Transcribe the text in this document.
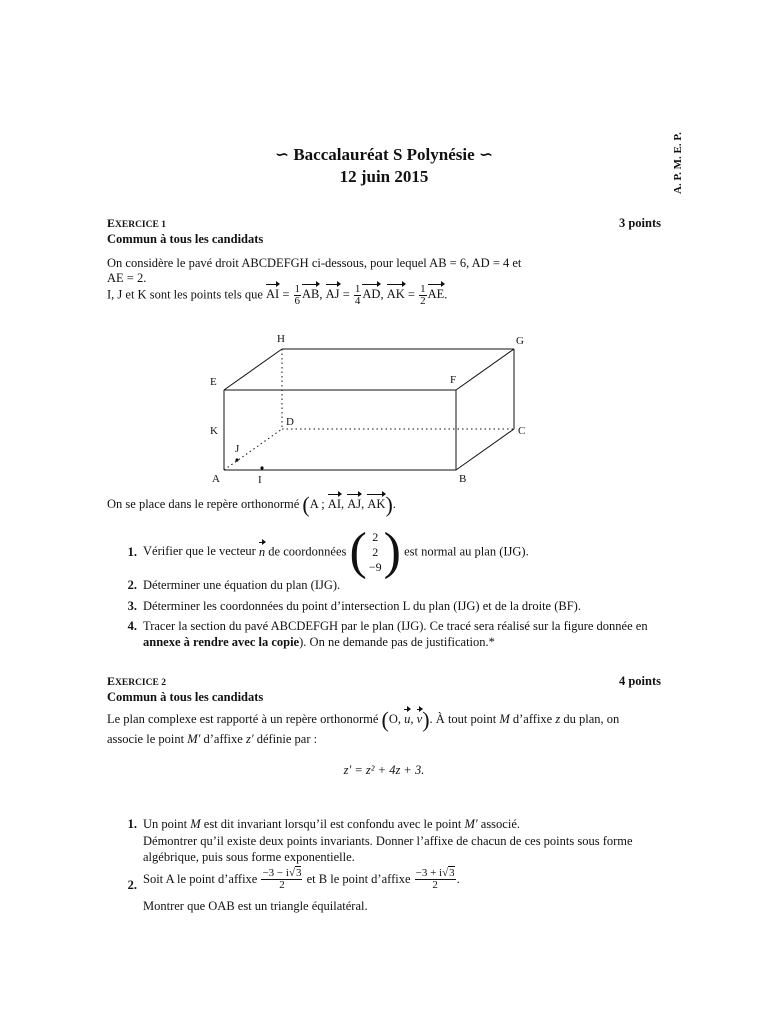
A. P. M. E. P.
∽ Baccalauréat S Polynésie ∽
12 juin 2015
EXERCICE 1	3 points
Commun à tous les candidats
On considère le pavé droit ABCDEFGH ci-dessous, pour lequel AB = 6, AD = 4 et
AE = 2.
I, J et K sont les points tels que AI = $\frac{1}{6}$ AB, AJ = $\frac{1}{4}$ AD, AK = $\frac{1}{2}$ AE.
H	G
E	F
D
C
K
J
A	I	B
On se place dans le repère orthonormé (A ; AI, AJ, AK).
1. Vérifier que le vecteur n de coordonnées ( 2
2
−9 ) est normal au plan (IJG).
2. Déterminer une équation du plan (IJG).
3. Déterminer les coordonnées du point d’intersection L du plan (IJG) et de la droite (BF).
4. Tracer la section du pavé ABCDEFGH par le plan (IJG). Ce tracé sera réalisé sur la figure donnée en
annexe à rendre avec la copie). On ne demande pas de justification.*
EXERCICE 2	4 points
Commun à tous les candidats
Le plan complexe est rapporté à un repère orthonormé (O, u, v). À tout point M d’affixe z du plan, on
associe le point M′ d’affixe z′ définie par :
z′ = z² + 4z + 3.
1. Un point M est dit invariant lorsqu’il est confondu avec le point M′ associé.
Démontrer qu’il existe deux points invariants. Donner l’affixe de chacun de ces points sous forme
algébrique, puis sous forme exponentielle.
2. Soit A le point d’affixe $\frac{-3 - i√3}{2}$ et B le point d’affixe $\frac{-3 + i√3}{2}$ .
Montrer que OAB est un triangle équilatéral.
